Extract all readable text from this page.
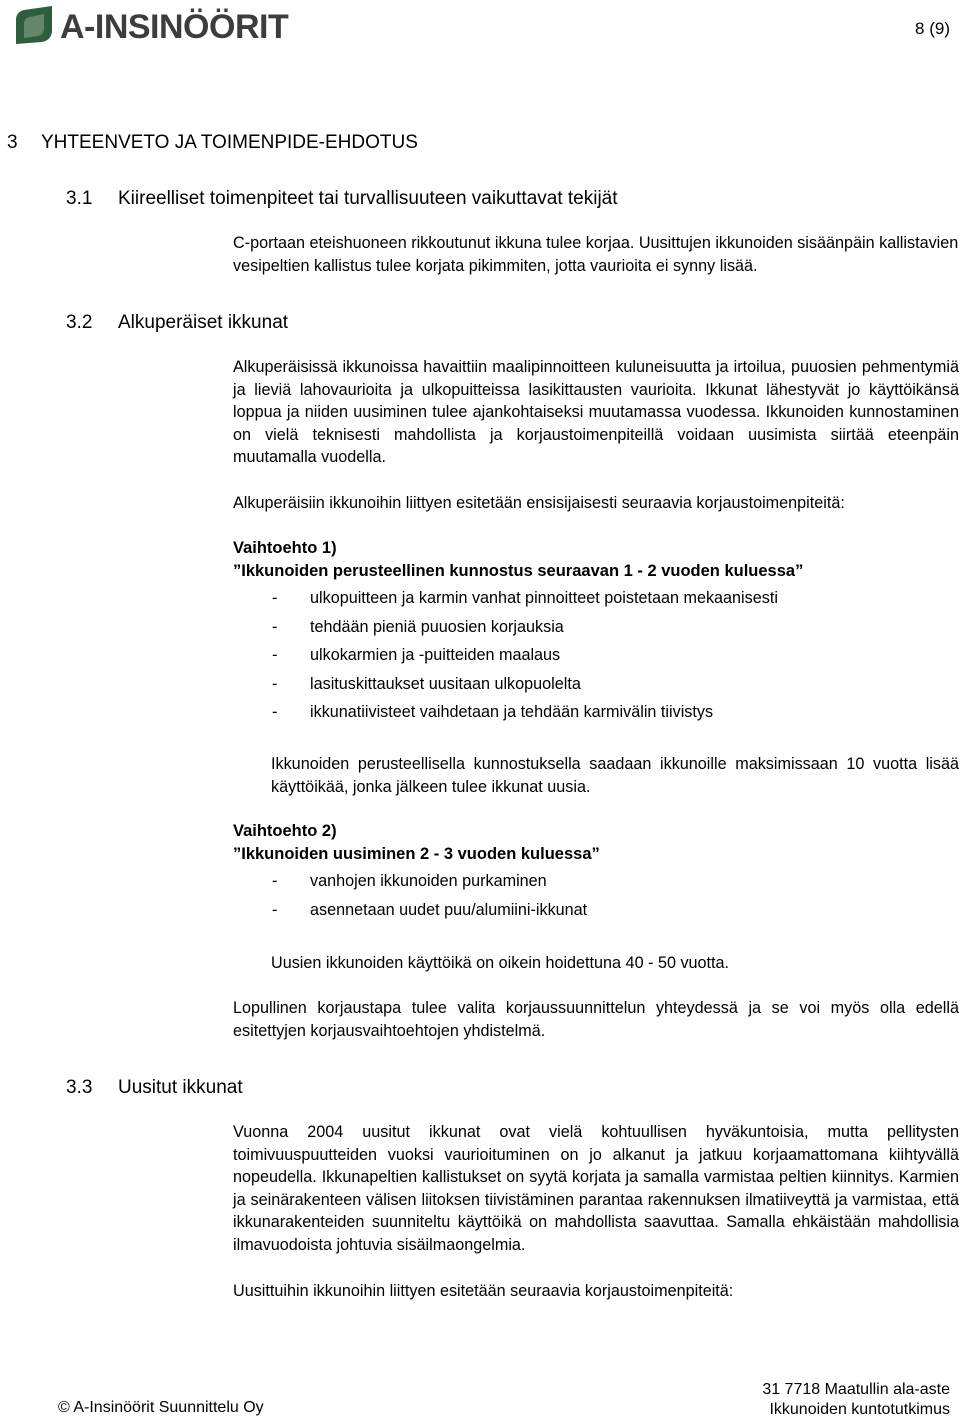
A-INSINÖÖRIT	8 (9)
3 YHTEENVETO JA TOIMENPIDE-EHDOTUS
3.1 Kiireelliset toimenpiteet tai turvallisuuteen vaikuttavat tekijät
C-portaan eteishuoneen rikkoutunut ikkuna tulee korjaa. Uusittujen ikkunoiden sisäänpäin kallistavien vesipeltien kallistus tulee korjata pikimmiten, jotta vaurioita ei synny lisää.
3.2 Alkuperäiset ikkunat
Alkuperäisissä ikkunoissa havaittiin maalipinnoitteen kuluneisuutta ja irtoilua, puuosien pehmentymiä ja lieviä lahovaurioita ja ulkopuitteissa lasikittausten vaurioita. Ikkunat lähestyvät jo käyttöikänsä loppua ja niiden uusiminen tulee ajankohtaiseksi muutamassa vuodessa. Ikkunoiden kunnostaminen on vielä teknisesti mahdollista ja korjaustoimenpiteillä voidaan uusimista siirtää eteenpäin muutamalla vuodella.
Alkuperäisiin ikkunoihin liittyen esitetään ensisijaisesti seuraavia korjaustoimenpiteitä:
Vaihtoehto 1)
”Ikkunoiden perusteellinen kunnostus seuraavan 1 - 2 vuoden kuluessa”
- ulkopuitteen ja karmin vanhat pinnoitteet poistetaan mekaanisesti
- tehdään pieniä puuosien korjauksia
- ulkokarmien ja -puitteiden maalaus
- lasituskittaukset uusitaan ulkopuolelta
- ikkunatiivisteet vaihdetaan ja tehdään karmivälin tiivistys
Ikkunoiden perusteellisella kunnostuksella saadaan ikkunoille maksimissaan 10 vuotta lisää käyttöikää, jonka jälkeen tulee ikkunat uusia.
Vaihtoehto 2)
”Ikkunoiden uusiminen 2 - 3 vuoden kuluessa”
- vanhojen ikkunoiden purkaminen
- asennetaan uudet puu/alumiini-ikkunat
Uusien ikkunoiden käyttöikä on oikein hoidettuna 40 - 50 vuotta.
Lopullinen korjaustapa tulee valita korjaussuunnittelun yhteydessä ja se voi myös olla edellä esitettyjen korjausvaihtoehtojen yhdistelmä.
3.3 Uusitut ikkunat
Vuonna 2004 uusitut ikkunat ovat vielä kohtuullisen hyväkuntoisia, mutta pellitysten toimivuuspuutteiden vuoksi vaurioituminen on jo alkanut ja jatkuu korjaamattomana kiihtyvällä nopeudella. Ikkunapeltien kallistukset on syytä korjata ja samalla varmistaa peltien kiinnitys. Karmien ja seinärakenteen välisen liitoksen tiivistäminen parantaa rakennuksen ilmatiiveyttä ja varmistaa, että ikkunarakenteiden suunniteltu käyttöikä on mahdollista saavuttaa. Samalla ehkäistään mahdollisia ilmavuodoista johtuvia sisäilmaongelmia.
Uusittuihin ikkunoihin liittyen esitetään seuraavia korjaustoimenpiteitä:
© A-Insinöörit Suunnittelu Oy
31 7718 Maatullin ala-aste
Ikkunoiden kuntotutkimus
